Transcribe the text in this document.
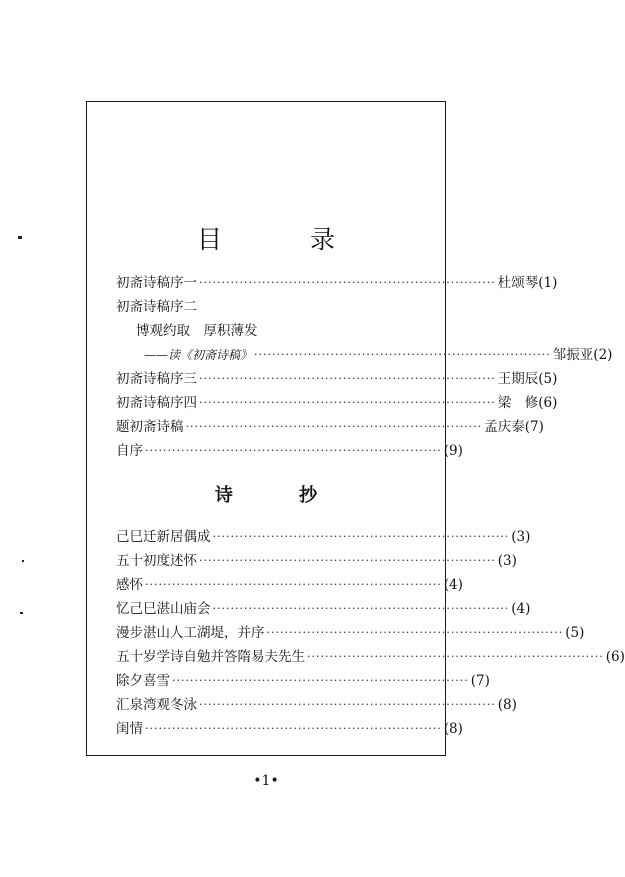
目 录
初斋诗稿序一 ·································································· 杜颂琴 (1)
初斋诗稿序二
博观约取　厚积薄发
——读《初斋诗稿》 ·································································· 邹振亚 (2)
初斋诗稿序三 ·································································· 王期辰 (5)
初斋诗稿序四 ·································································· 梁　修 (6)
题初斋诗稿 ·································································· 孟庆泰 (7)
自序 ·································································· (9)
诗 抄
己巳迁新居偶成 ·································································· (3)
五十初度述怀 ·································································· (3)
感怀 ·································································· (4)
忆己巳湛山庙会 ·································································· (4)
漫步湛山人工湖堤，并序 ·································································· (5)
五十岁学诗自勉并答隋易夫先生 ·································································· (6)
除夕喜雪 ·································································· (7)
汇泉湾观冬泳 ·································································· (8)
闺情 ·································································· (8)
•1•
